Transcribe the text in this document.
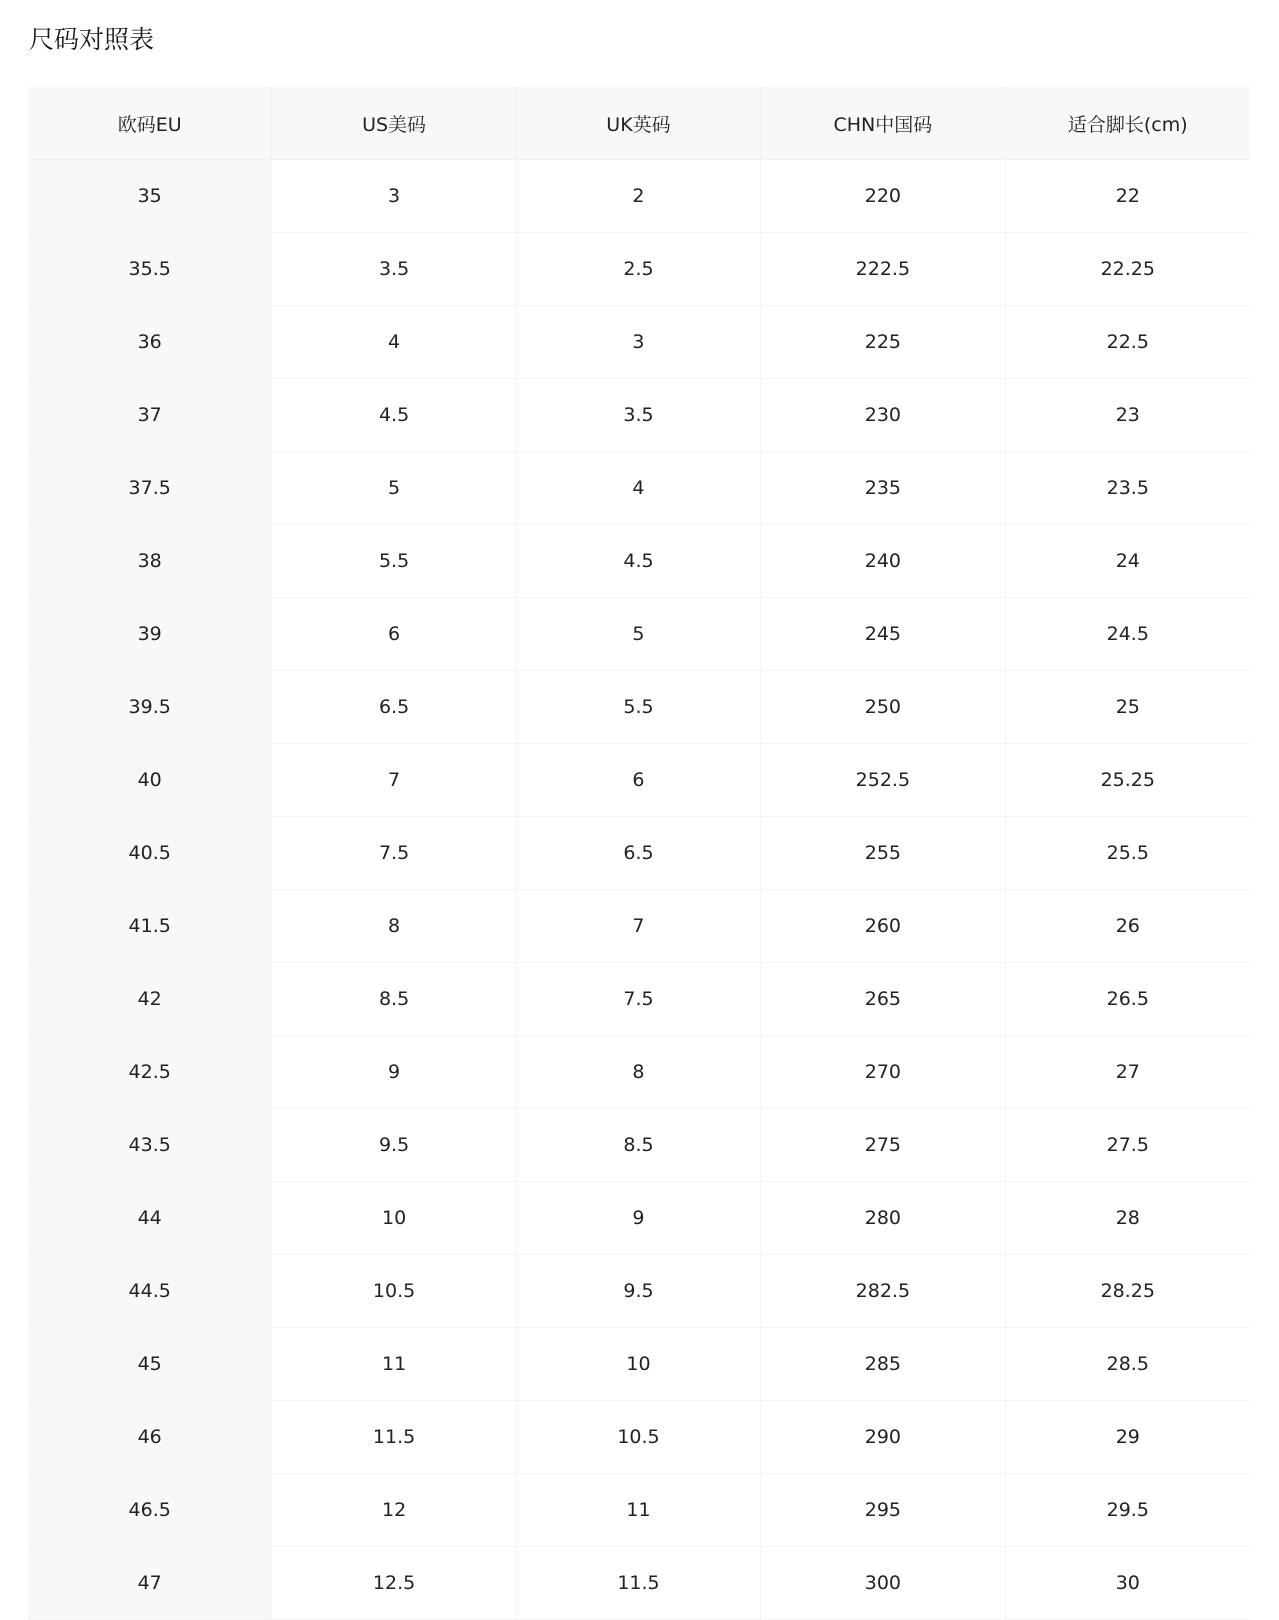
尺码对照表
欧码EU	US美码	UK英码	CHN中国码	适合脚长(cm)
35	3	2	220	22
35.5	3.5	2.5	222.5	22.25
36	4	3	225	22.5
37	4.5	3.5	230	23
37.5	5	4	235	23.5
38	5.5	4.5	240	24
39	6	5	245	24.5
39.5	6.5	5.5	250	25
40	7	6	252.5	25.25
40.5	7.5	6.5	255	25.5
41.5	8	7	260	26
42	8.5	7.5	265	26.5
42.5	9	8	270	27
43.5	9.5	8.5	275	27.5
44	10	9	280	28
44.5	10.5	9.5	282.5	28.25
45	11	10	285	28.5
46	11.5	10.5	290	29
46.5	12	11	295	29.5
47	12.5	11.5	300	30
